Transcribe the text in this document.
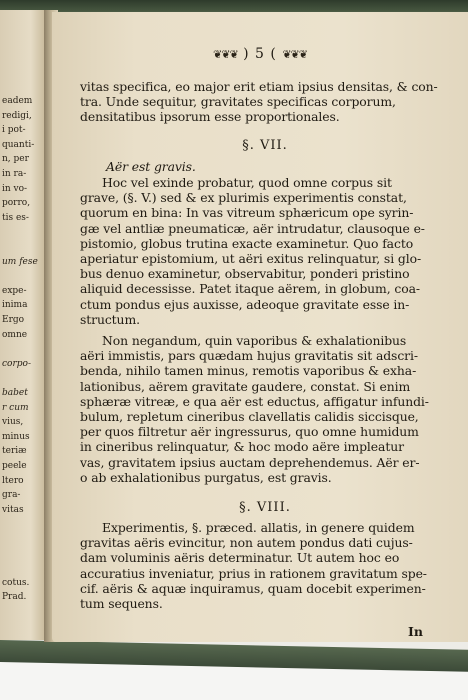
eadem
redigi,
i pot-
quanti-
n, per
in ra-
in vo-
porro,
tis es-
um fese
expe-
inima
Ergo
omne
corpo-
babet
r cum
vius,
minus
teriæ
peele
ltero
gra-
vitas
cotus.
Prad.
❦❦❦ ) 5 ( ❦❦❦
vitas specifica, eo major erit etiam ipsius densitas, & con-
tra. Unde sequitur, gravitates specificas corporum,
densitatibus ipsorum esse proportionales.
§. VII.
Aër est gravis.
Hoc vel exinde probatur, quod omne corpus sit
grave, (§. V.) sed & ex plurimis experimentis constat,
quorum en bina: In vas vitreum sphæricum ope syrin-
gæ vel antliæ pneumaticæ, aër intrudatur, clausoque e-
pistomio, globus trutina exacte examinetur. Quo facto
aperiatur epistomium, ut aëri exitus relinquatur, si glo-
bus denuo examinetur, observabitur, ponderi pristino
aliquid decessisse. Patet itaque aërem, in globum, coa-
ctum pondus ejus auxisse, adeoque gravitate esse in-
structum.
Non negandum, quin vaporibus & exhalationibus
aëri immistis, pars quædam hujus gravitatis sit adscri-
benda, nihilo tamen minus, remotis vaporibus & exha-
lationibus, aërem gravitate gaudere, constat. Si enim
sphæræ vitreæ, e qua aër est eductus, affigatur infundi-
bulum, repletum cineribus clavellatis calidis siccisque,
per quos filtretur aër ingressurus, quo omne humidum
in cineribus relinquatur, & hoc modo aëre impleatur
vas, gravitatem ipsius auctam deprehendemus. Aër er-
o ab exhalationibus purgatus, est gravis.
§. VIII.
Experimentis, §. præced. allatis, in genere quidem
gravitas aëris evincitur, non autem pondus dati cujus-
dam voluminis aëris determinatur. Ut autem hoc eo
accuratius inveniatur, prius in rationem gravitatum spe-
cif. aëris & aquæ inquiramus, quam docebit experimen-
tum sequens.
In
